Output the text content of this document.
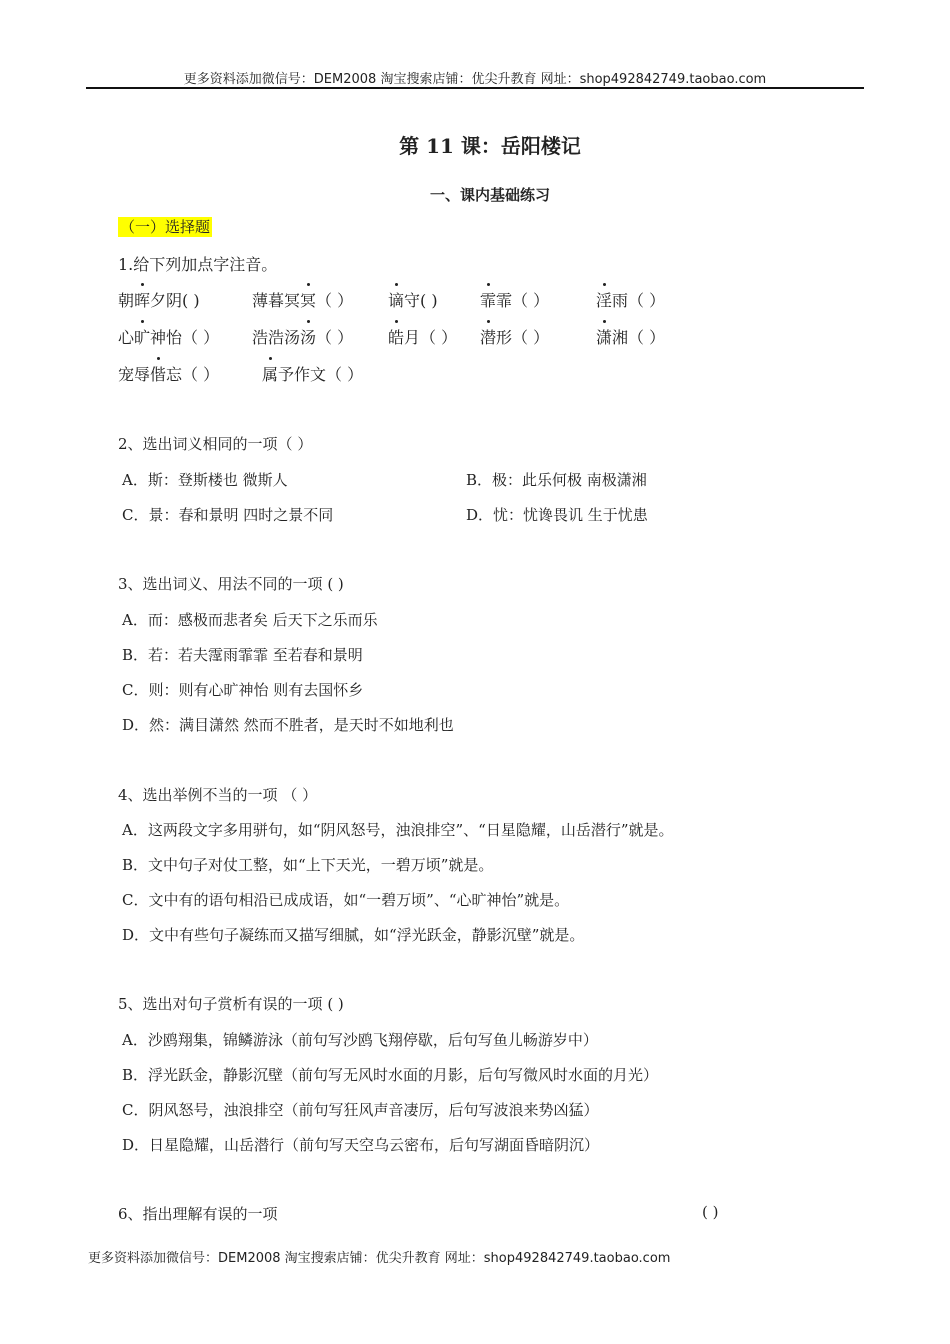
更多资料添加微信号：DEM2008 淘宝搜索店铺：优尖升教育 网址：shop492842749.taobao.com
第 11 课：岳阳楼记
一、课内基础练习
（一）选择题
1.给下列加点字注音。
朝晖夕阴( )	薄暮冥冥（ ） 谪守( )	霏霏（ ）	淫雨（ ）
心旷神怡（ ） 浩浩汤汤（ ） 皓月（ ） 潜形（ ）	潇湘（ ）
宠辱偕忘（ ）	属予作文（ ）
2、选出词义相同的一项（ ）
A．斯：登斯楼也 微斯人	B．极：此乐何极 南极潇湘
C．景：春和景明 四时之景不同	D．忧：忧谗畏讥 生于忧患
3、选出词义、用法不同的一项 ( )
A．而：感极而悲者矣 后天下之乐而乐
B．若：若夫霪雨霏霏 至若春和景明
C．则：则有心旷神怡 则有去国怀乡
D．然：满目潇然 然而不胜者，是天时不如地利也
4、选出举例不当的一项 （ ）
A．这两段文字多用骈句，如“阴风怒号，浊浪排空”、“日星隐耀，山岳潜行”就是。
B．文中句子对仗工整，如“上下天光，一碧万顷”就是。
C．文中有的语句相沿已成成语，如“一碧万顷”、“心旷神怡”就是。
D．文中有些句子凝练而又描写细腻，如“浮光跃金，静影沉壁”就是。
5、选出对句子赏析有误的一项 ( )
A．沙鸥翔集，锦鳞游泳（前句写沙鸥飞翔停歇，后句写鱼儿畅游岁中）
B．浮光跃金，静影沉壁（前句写无风时水面的月影，后句写微风时水面的月光）
C．阴风怒号，浊浪排空（前句写狂风声音凄厉，后句写波浪来势凶猛）
D．日星隐耀，山岳潜行（前句写天空乌云密布，后句写湖面昏暗阴沉）
6、指出理解有误的一项	( )
更多资料添加微信号：DEM2008 淘宝搜索店铺：优尖升教育 网址：shop492842749.taobao.com
